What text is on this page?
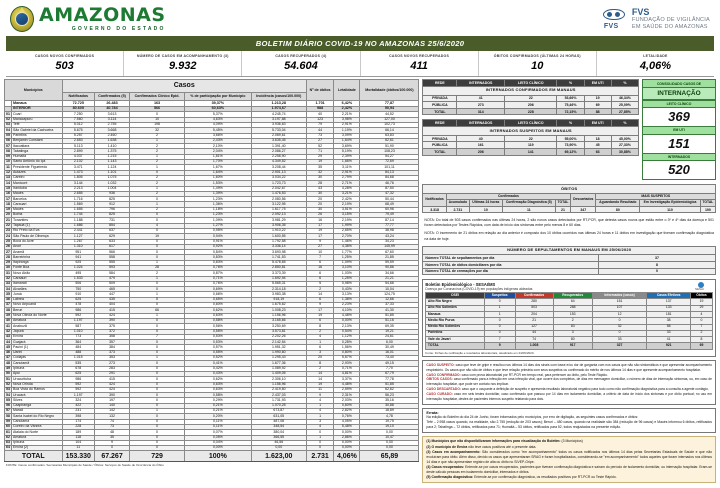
AMAZONAS
GOVERNO DO ESTADO	FVS
FVS
FUNDAÇÃO DE VIGILÂNCIA
EM SAÚDE DO AMAZONAS
BOLETIM DIÁRIO COVID-19 NO AMAZONAS 25/6/2020
CASOS NOVOS CONFIRMADOS
503
NÚMERO DE CASOS EM ACOMPANHAMENTO (3)
9.932
CASOS RECUPERADOS (4)
54.604
CASOS NOVOS RECUPERADOS
411
ÓBITOS CONFIRMADOS (ÚLTIMAS 24 HORAS)
10
LETALIDADE
4,06%
Municípios		Casos					Nº de óbitos	Letalidade	Mortalidade (óbitos/100.000)
		Notificados	Confirmados (5)	Confirmados Clínico Epid.	% de participação por Município	Incidência (casos/100.000)			
	Manaus	72.725	26.483	163	39,37%	1.213,28	1.701	6,42%	77,87
	INTERIOR	80.605	40.784	566	60,63%	1.974,67	988	2,42%	50,94
01	Coari	7.250	3.613	0	5,37%	4.245,74	40	2,21%	44,52
02	Manacapuru	7.560	3.114	10	4,63%	3.197,88	123	3,98%	127,00
03	Tefé	5.012	2.755	198	4,09%	3.936,63	79	2,91%	102,73
04	São Gabriel da Cachoeira	5.675	3.668	32	5,45%	5.733,04	44	1,19%	66,14
05	Parintins	5.257	2.460	2	3,66%	2.069,61	73	3,09%	63,83
06	Benjamin Constant	2.653	1.638	1	2,43%	3.635,45	27	1,64%	62,61
07	Itacoatiara	5.113	1.410	2	2,10%	1.391,40	52	3,69%	51,90
08	Tabatinga	2.899	1.375	2	2,04%	2.086,27	71	5,19%	108,23
09	Humaitá	4.037	1.215	1	1,81%	2.258,90	29	2,39%	54,27
10	Santo Antônio do Içá	2.102	1.143	2	1,70%	4.349,52	19	1,66%	72,69
11	Presidente Figueiredo	3.471	1.124	1	1,67%	3.208,44	35	3,11%	101,11
12	Autazes	1.473	1.101	0	1,64%	2.901,13	32	2,91%	84,13
13	Careiro	1.805	1.075	2	1,60%	3.034,22	30	2,79%	84,68
14	Manicoré	3.144	1.032	2	1,53%	1.723,73	28	2,71%	46,76
15	Iranduba	2.213	1.004	1	1,49%	2.042,67	43	4,28%	87,50
16	Maués	2.655	936	2	1,39%	1.476,53	30	3,21%	47,32
17	Barcelos	1.716	825	0	1,23%	2.080,56	20	2,42%	50,44
18	Carauari	1.569	912	1	1,36%	3.122,95	20	2,19%	68,49
19	Maués	1.655	796	2	1,18%	1.617,75	30	3,51%	60,96
20	Borba	1.744	825	0	1,23%	2.092,13	26	3,15%	79,49
21	Tonantins	1.188	731	0	1,09%	3.981,29	16	2,19%	87,14
22	Tapauá (1)	1.686	854	4	1,27%	3.906,35	17	1,99%	77,77
23	Rio Preto da Eva	2.441	637	0	0,95%	1.910,22	19	2,65%	38,98
24	São Paulo de Olivença	1.127	629	19	0,94%	1.600,55	17	2,70%	43,24
25	Boca do Acre	1.267	633	0	0,91%	1.792,58	9	1,46%	34,23
26	Anori	1.310	617	0	0,92%	3.336,14	27	4,38%	145,99
27	Anamã	951	566	0	0,84%	3.693,98	10	1,77%	67,60
28	Barreirinha	941	558	0	0,83%	1.741,53	7	1,25%	21,85
29	Itapiranga	925	555	1	0,83%	5.478,65	6	1,09%	59,59
30	Fonte Boa	1.024	593	28	0,76%	2.850,81	16	3,10%	90,86
31	Novo Airão	495	584	2	0,87%	3.373,39	6	1,03%	34,66
32	Caraauri	1.533	479	1	0,71%	1.692,94	6	1,25%	21,21
33	Itamarati	506	509	0	0,76%	5.565,31	5	0,98%	54,66
34	Alvarães	750	465	0	0,69%	2.314,18	2	0,43%	10,04
35	Juruá	910	447	1	0,66%	3.983,38	14	3,13%	124,75
36	Lábrea	625	435	5	0,65%	918,19	6	1,38%	12,66
37	Novo Aripuanã	478	404	0	0,60%	1.675,62	9	2,23%	37,33
38	Beruri	986	415	66	0,62%	1.008,23	17	4,10%	41,30
39	Nova Olinda do Norte	592	424	1	0,63%	1.156,96	19	4,48%	51,85
40	Amaturá	1.197	390	0	0,58%	3.165,66	6	0,00%	51,16
41	Anabuzã	587	375	0	0,56%	3.250,69	8	2,13%	69,35
42	Japurá	1.010	372	0	0,55%	3.573,81	2	0,54%	19,21
43	Envira	773	358	7	0,53%	2.202,26	4	1,12%	24,61
44	Guajará	364	357	0	0,53%	2.142,54	1	0,28%	6,00
45	Pauini (1)	484	384	0	0,57%	1.951,32	6	1,56%	30,49
46	Uarini	488	373	0	0,55%	1.990,60	3	0,80%	16,01
47	Codajás	1.015	353	1	0,52%	1.295,43	20	5,67%	73,40
48	Canutamã	535	273	0	0,41%	1.677,36	8	2,93%	49,15
49	Ipixuna	678	283	0	0,42%	1.089,92	2	0,71%	7,70
50	Apuí	625	291	0	0,43%	1.409,05	14	4,81%	67,79
51	Urucurituba	986	415	0	0,62%	2.306,10	14	3,37%	77,78
52	Nova Orinda	592	424	0	0,63%	1.156,96	19	4,48%	51,85
53	Boa Vista do Ramos	592	424	0	0,63%	2.419,50	11	2,59%	62,62
54	Urucará	1.197	390	0	0,58%	2.437,03	9	2,31%	56,23
55	Silves	324	197	0	0,29%	1.731,93	4	2,03%	35,16
56	Caapiranga	422	140	0	0,21%	1.070,25	1	0,60%	30,88
57	Maraã	231	142	1	0,21%	673,87	4	2,82%	18,89
58	Santa Isabel do Rio Negro	398	132	0	0,20%	631,05	1	0,76%	4,78
59	Canutama	174	74	0	0,11%	487,08	3	4,05%	19,75
60	Coreiro da Várzea	228	73	0	0,11%	348,54	4	5,48%	19,10
61	Atalaia do Norte	189	48	0	0,07%	380,04	0	0,00%	0,00
62	Amaturá	118	35	0	0,05%	366,55	1	2,86%	10,47
63	Ipixuna	104	9	0	0,04%	46,56	0	0,00%	0,00
64	Envira (2)	11	0	0	0,00%	0,00	0	0,00%	0,00
TOTAL		153.330	67.267	729	100%	1.623,00	2.731	4,06%	65,89
FONTE: Casos confirmados: Secretarias Municipais de Saúde / Óbitos: Serviços de Saúde de Ocorrência do Óbito
INTERNADOS CONFIRMADOS EM MANAUS					
REDE	INTERNADOS	LEITO CLÍNICO	%	EM UTI	%
PRIVADA	41	22	53,66%	19	46,34%
PÚBLICA	273	206	75,46%	69	25,09%
TOTAL	314	228	72,15%	88	27,85%
INTERNADOS SUSPEITOS EM MANAUS					
REDE	INTERNADOS	LEITO CLÍNICO	%	EM UTI	%
PRIVADA	40	22	55,00%	18	45,00%
PÚBLICA	161	119	73,90%	45	27,33%
TOTAL	206	141	69,12%	63	30,88%
CONSOLIDADO CASOS DE
INTERNAÇÃO
LEITO CLÍNICO
369
EM UTI
151
INTERNADOS
520
ÓBITOS								
Notificados	Confirmados				Descartados	MAIS SUSPEITOS		
	Acumulado	Últimas 24 horas	Confirmação Diagnóstica (5)	TOTAL		Aguardando Resultado	Em Investigação Epidemiológica	TOTAL
3.318	2.731	10	11	21	347	80	110	190
NOTA: Do total de 503 casos confirmados nas últimas 24 horas, 2 são novos casos detectados por RT-PCR, que detecta casos novos que estão entre o 3º e 4º dias da doença e 501 foram detectados por Testes Rápidos, com data de início dos sintomas entre pelo menos 8 e 60 dias.
NOTA: O incremento de 21 óbitos em relação ao dia anterior é composto dos 10 óbitos ocorridos nas últimas 24 horas e 11 óbitos em investigação que tiveram confirmação diagnóstica na data de hoje.
NÚMERO DE SEPULTAMENTOS EM MANAUS EM 25/06/2020	
Número TOTAL de sepultamentos por dia	37
Número TOTAL de óbitos domiciliares por dia	8
Número TOTAL de cremações por dia	0
SESAI
Boletim Epidemiológico - SESAI/MS
Doença por Coronavírus (COVID-19) em populações indígenas aldeadas
DSEI	Suspeitos	Confirmados	Recuperados	Informados (casos)	Casos Efetivos	Óbitos
Alto Rio Negro	0	280	64	151	137	19
Alto Rio Solimões	1	503	288	107	133	29
Manaus	1	204	153	12	181	4
Médio Rio Purus	0	21	2	0	38	0
Médio Rio Solimões	0	127	83	32	58	7
Parintins	0	44	3	0	33	2
Vale do Javari	7	74	80	33	41	8
TOTAL	9	1.008	917	327	921	69
Fonte: Fichas de notificação e resultados laboratoriais, atualizado em 24/06/2020.
CASO SUSPEITO: caso que teve de gripe e resultou nos últimos 14 dias dos sinais com tosse e/ou dor de garganta com nos casos que não são sintomáticos e que apresentar acompanhamento respiratório. Os casos que não são de óbitos e que teve relação primária com seus suspeitos ou confirmado do mérito de nos últimos 14 dias e que apresente acompanhamento hospitalar.
CASO CONFIRMADO: caso com prova laboratorial por RT-PCR em tempo real, para pertencer ao óbito, pelo Teste Rápido.
ÓBITOS CASOS: caso confirmado para a infecção em uma infecção viral, que ocorre dos completos, de dias em mensagem domiciliar, o número de dias de internação sintomas, ou, em caso de internação hospitalar, que pode ser contato nos implicar.
CASO DESCARTADO: caso que o ocupante a definição de suspeito e apresenta resultado laboratorial negativo para todo como não confirmação diagnóstica para a consulta a agente contágio.
CASO CURADO: caso em seis testes domiciliar, caso confirmado que passou por 14 dias em isolamento domiciliar, a critério de data de início dos sintomas e por óbito pontual; no uso em internação hospitalar, destes de pacientes internos suspeito relatando para dois.
Errata:
Na edição do Boletim do dia 24 de Junho, foram informados pelo municípios, por erro de digitação, as seguintes casos confirmados e óbitos:
Tefé – 2.958 casos quando, na realidade, são 2.755 (redução de 203 casos); Beruri – 480 casos, quando na realidade são 384 (redução de 96 casos) e Maués informou 6 óbitos, retificados para 2; Tabatinga – 72 óbitos, retificados para 71; Humaitá – 53 óbitos, retificados para 52, todos reajustados na presente edição.
(1) Municípios que não disponibilizaram informações para visualização do Boletim: (3 Municípios)
(2) O município de Envira não teve casos positivos até o presente data.
(3) Casos em acompanhamento: São considerados como "em acompanhamento" todos os casos notificados nos últimos 14 dias pelas Secretarias Estaduais de Saúde e que não evoluíram para óbito. Além disso, devido os casos que apresentaram SRAG e foram hospitalizados, considerando-se "em acompanhamento" todos aqueles que foram internados nos últimos 14 dias e que não apresentam registro de alta ou óbito no SIVEP-Gripe.
(4) Casos recuperados: Entende-se por casos recuperados, pacientes que tiveram confirmação diagnóstica e saíram do período de isolamento domiciliar, ou internação hospitalar. Eram-se deste cálculo pessoas em isolamento domiciliar, internados e óbitos.
(5) Confirmação diagnóstica: Entende-se por confirmação diagnóstica, os resultados positivos por RT-PCR ou Teste Rápido.
